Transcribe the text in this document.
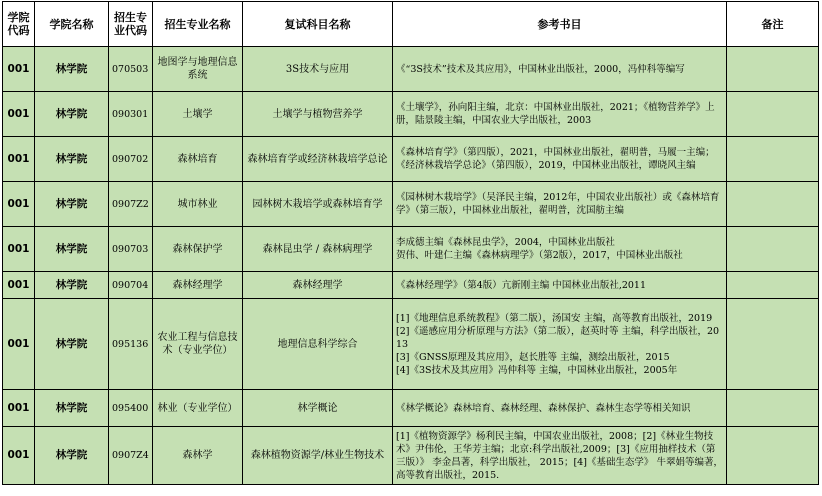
学院代码	学院名称	招生专业代码	招生专业名称	复试科目名称	参考书目	备注
001	林学院	070503	地图学与地理信息系统	3S技术与应用	《“3S技术”技术及其应用》，中国林业出版社，2000，冯仲科等编写	
001	林学院	090301	土壤学	土壤学与植物营养学	《土壤学》，孙向阳主编，北京：中国林业出版社，2021；《植物营养学》上册，陆景陵主编，中国农业大学出版社，2003	
001	林学院	090702	森林培育	森林培育学或经济林栽培学总论	《森林培育学》（第四版），2021，中国林业出版社，翟明普，马履一主编；《经济林栽培学总论》（第四版），2019，中国林业出版社，谭晓风主编	
001	林学院	0907Z2	城市林业	园林树木栽培学或森林培育学	《园林树木栽培学》（吴泽民主编，2012年，中国农业出版社）或《森林培育学》（第三版），中国林业出版社，翟明普，沈国舫主编	
001	林学院	090703	森林保护学	森林昆虫学 / 森林病理学	李成德主编《森林昆虫学》，2004，中国林业出版社
贺伟、叶建仁主编《森林病理学》（第2版），2017，中国林业出版社	
001	林学院	090704	森林经理学	森林经理学	《森林经理学》（第4版）亢新刚主编 中国林业出版社,2011	
001	林学院	095136	农业工程与信息技术（专业学位）	地理信息科学综合	[1]《地理信息系统教程》（第二版），汤国安 主编，高等教育出版社，2019
[2]《遥感应用分析原理与方法》（第二版），赵英时等 主编，科学出版社，2013
[3]《GNSS原理及其应用》，赵长胜等 主编，测绘出版社，2015
[4]《3S技术及其应用》冯仲科等 主编，中国林业出版社，2005年	
001	林学院	095400	林业（专业学位）	林学概论	《林学概论》森林培育、森林经理、森林保护、森林生态学等相关知识	
001	林学院	0907Z4	森林学	森林植物资源学/林业生物技术	[1]《植物资源学》杨利民主编，中国农业出版社，2008；[2]《林业生物技术》尹伟伦，王华芳主编；北京:科学出版社,2009；[3]《应用抽样技术（第三版）》 李金昌著，科学出版社， 2015；[4]《基础生态学》 牛翠娟等编著，高等教育出版社，2015.	
